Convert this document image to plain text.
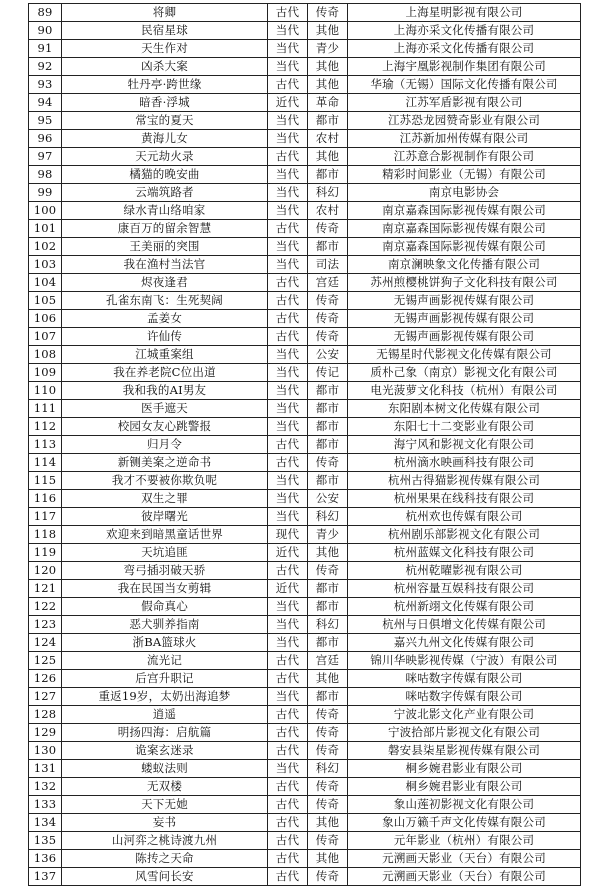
89	将卿	古代	传奇	上海星明影视有限公司
90	民宿星球	当代	其他	上海亦采文化传播有限公司
91	天生作对	当代	青少	上海亦采文化传播有限公司
92	凶杀大案	当代	其他	上海宇凰影视制作集团有限公司
93	牡丹亭·跨世缘	古代	其他	华瑜（无锡）国际文化传播有限公司
94	暗香·浮城	近代	革命	江苏军盾影视有限公司
95	常宝的夏天	当代	都市	江苏恐龙园赞奇影业有限公司
96	黄海儿女	当代	农村	江苏新加州传媒有限公司
97	天元劫火录	古代	其他	江苏意合影视制作有限公司
98	橘猫的晚安曲	当代	都市	精彩时间影业（无锡）有限公司
99	云端筑路者	当代	科幻	南京电影协会
100	绿水青山络咱家	当代	农村	南京嘉森国际影视传媒有限公司
101	康百万的留余智慧	古代	传奇	南京嘉森国际影视传媒有限公司
102	王美丽的突围	当代	都市	南京嘉森国际影视传媒有限公司
103	我在渔村当法官	当代	司法	南京澜映象文化传播有限公司
104	烬夜逢君	古代	宫廷	苏州煎樱桃饼狗子文化科技有限公司
105	孔雀东南飞：生死契阔	古代	传奇	无锡声画影视传媒有限公司
106	孟姜女	古代	传奇	无锡声画影视传媒有限公司
107	许仙传	古代	传奇	无锡声画影视传媒有限公司
108	江城重案组	当代	公安	无锡星时代影视文化传媒有限公司
109	我在养老院C位出道	当代	传记	质朴己象（南京）影视文化有限公司
110	我和我的AI男友	当代	都市	电光菠萝文化科技（杭州）有限公司
111	医手遮天	当代	都市	东阳剧本树文化传媒有限公司
112	校园女友心跳警报	当代	都市	东阳七十二变影业有限公司
113	归月令	古代	都市	海宁风和影视文化有限公司
114	新铡美案之逆命书	古代	传奇	杭州滴水映画科技有限公司
115	我才不要被你欺负呢	当代	都市	杭州古得猫影视传媒有限公司
116	双生之罪	当代	公安	杭州果果在线科技有限公司
117	彼岸曙光	当代	科幻	杭州欢也传媒有限公司
118	欢迎来到暗黑童话世界	现代	青少	杭州剧乐部影视文化有限公司
119	天坑追匪	近代	其他	杭州蓝媒文化科技有限公司
120	弯弓插羽破天骄	古代	传奇	杭州乾曜影视有限公司
121	我在民国当女剪辑	近代	都市	杭州容量互娱科技有限公司
122	假命真心	当代	都市	杭州新翊文化传媒有限公司
123	恶犬驯养指南	当代	科幻	杭州与日俱增文化传媒有限公司
124	浙BA篮球火	当代	都市	嘉兴九州文化传媒有限公司
125	流光记	古代	宫廷	锦川华映影视传媒（宁波）有限公司
126	后宫升职记	古代	其他	咪咕数字传媒有限公司
127	重返19岁，太奶出海追梦	当代	都市	咪咕数字传媒有限公司
128	逍遥	古代	传奇	宁波北影文化产业有限公司
129	明扬四海：启航篇	古代	传奇	宁波拾部片影视文化有限公司
130	诡案玄迷录	古代	传奇	磐安县柒星影视传媒有限公司
131	蝼蚁法则	当代	科幻	桐乡婉君影业有限公司
132	无双楼	古代	传奇	桐乡婉君影业有限公司
133	天下无她	古代	传奇	象山莲初影视文化有限公司
134	妄书	古代	其他	象山万籁千声文化传媒有限公司
135	山河弈之桃诗渡九州	古代	传奇	元年影业（杭州）有限公司
136	陈抟之天命	古代	其他	元溯画天影业（天台）有限公司
137	风雪问长安	古代	传奇	元溯画天影业（天台）有限公司
